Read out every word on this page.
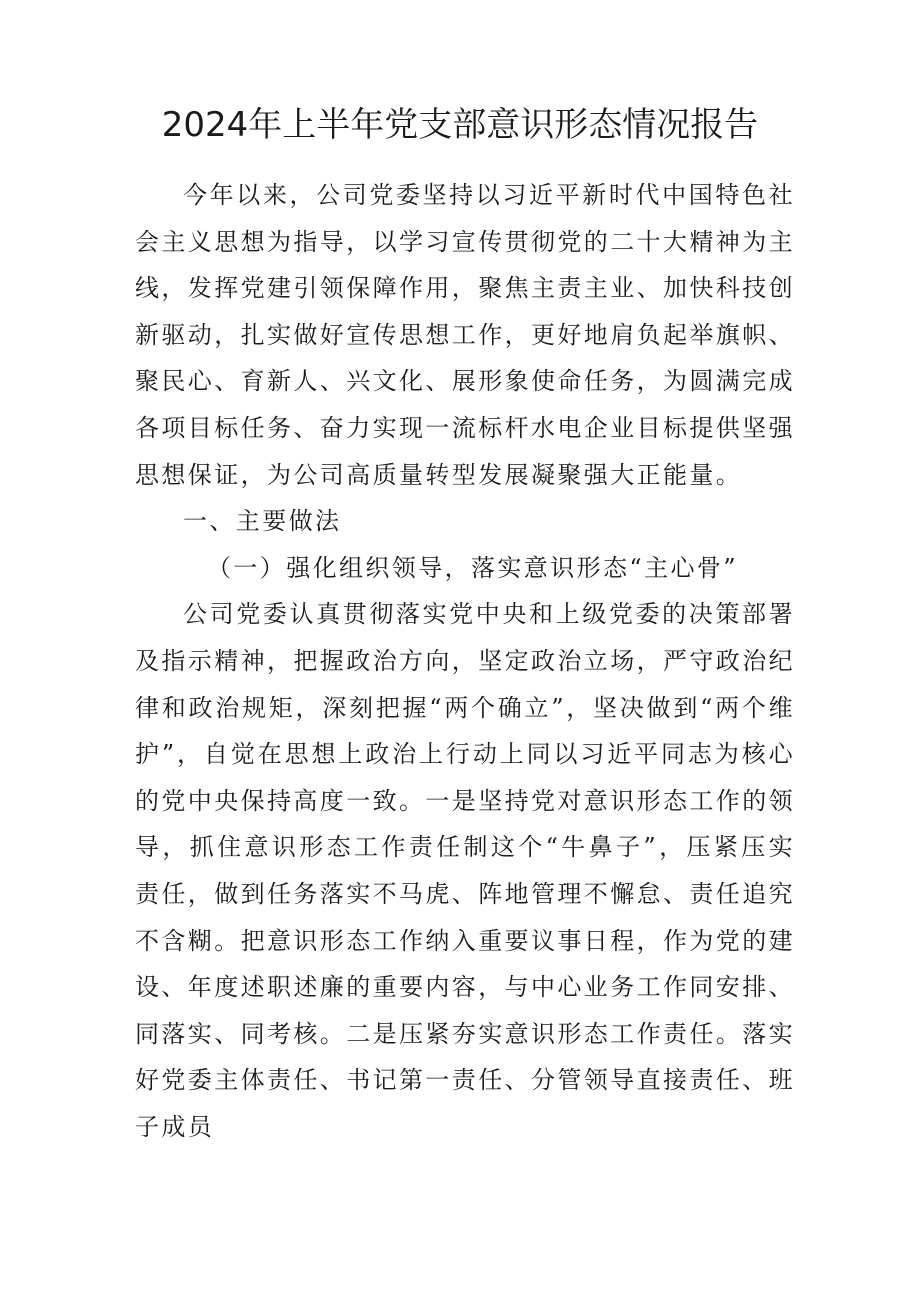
2024年上半年党支部意识形态情况报告

今年以来，公司党委坚持以习近平新时代中国特色社会主义思想为指导，以学习宣传贯彻党的二十大精神为主线，发挥党建引领保障作用，聚焦主责主业、加快科技创新驱动，扎实做好宣传思想工作，更好地肩负起举旗帜、聚民心、育新人、兴文化、展形象使命任务，为圆满完成各项目标任务、奋力实现一流标杆水电企业目标提供坚强思想保证，为公司高质量转型发展凝聚强大正能量。

一、主要做法

（一）强化组织领导，落实意识形态“主心骨”

公司党委认真贯彻落实党中央和上级党委的决策部署及指示精神，把握政治方向，坚定政治立场，严守政治纪律和政治规矩，深刻把握“两个确立”，坚决做到“两个维护”，自觉在思想上政治上行动上同以习近平同志为核心的党中央保持高度一致。一是坚持党对意识形态工作的领导，抓住意识形态工作责任制这个“牛鼻子”，压紧压实责任，做到任务落实不马虎、阵地管理不懈怠、责任追究不含糊。把意识形态工作纳入重要议事日程，作为党的建设、年度述职述廉的重要内容，与中心业务工作同安排、同落实、同考核。二是压紧夯实意识形态工作责任。落实好党委主体责任、书记第一责任、分管领导直接责任、班子成员
